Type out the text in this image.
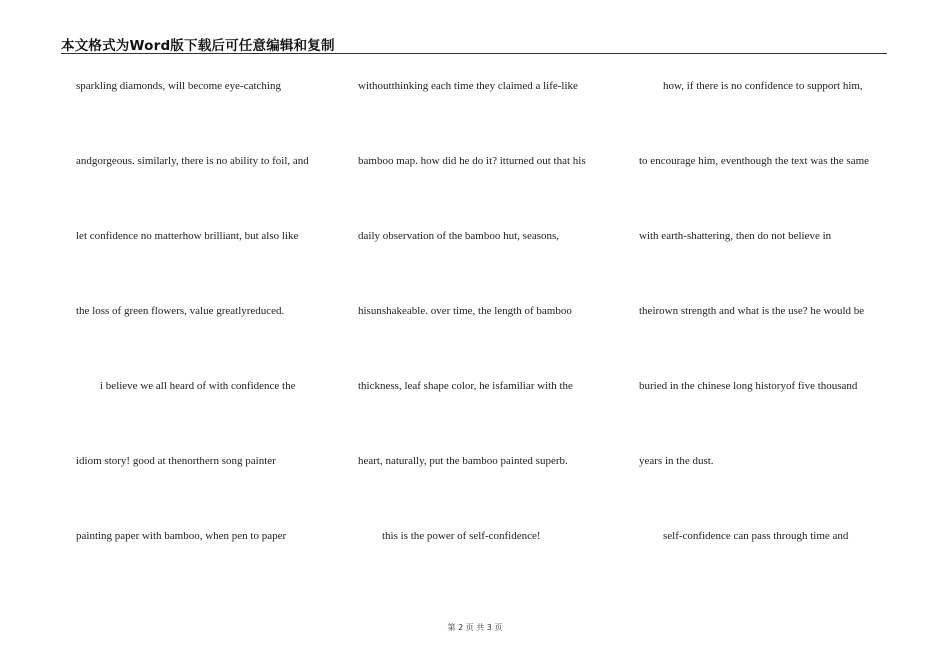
本文格式为Word版下载后可任意编辑和复制
sparkling diamonds, will become eye-catching
andgorgeous. similarly, there is no ability to foil, and
let confidence no matterhow brilliant, but also like
the loss of green flowers, value greatlyreduced.
i believe we all heard of with confidence the
idiom story! good at thenorthern song painter
painting paper with bamboo, when pen to paper
withoutthinking each time they claimed a life-like
bamboo map. how did he do it? itturned out that his
daily observation of the bamboo hut, seasons,
hisunshakeable. over time, the length of bamboo
thickness, leaf shape color, he isfamiliar with the
heart, naturally, put the bamboo painted superb.
this is the power of self-confidence!
how, if there is no confidence to support him,
to encourage him, eventhough the text was the same
with earth-shattering, then do not believe in
theirown strength and what is the use? he would be
buried in the chinese long historyof five thousand
years in the dust.
self-confidence can pass through time and
第 2 页 共 3 页
